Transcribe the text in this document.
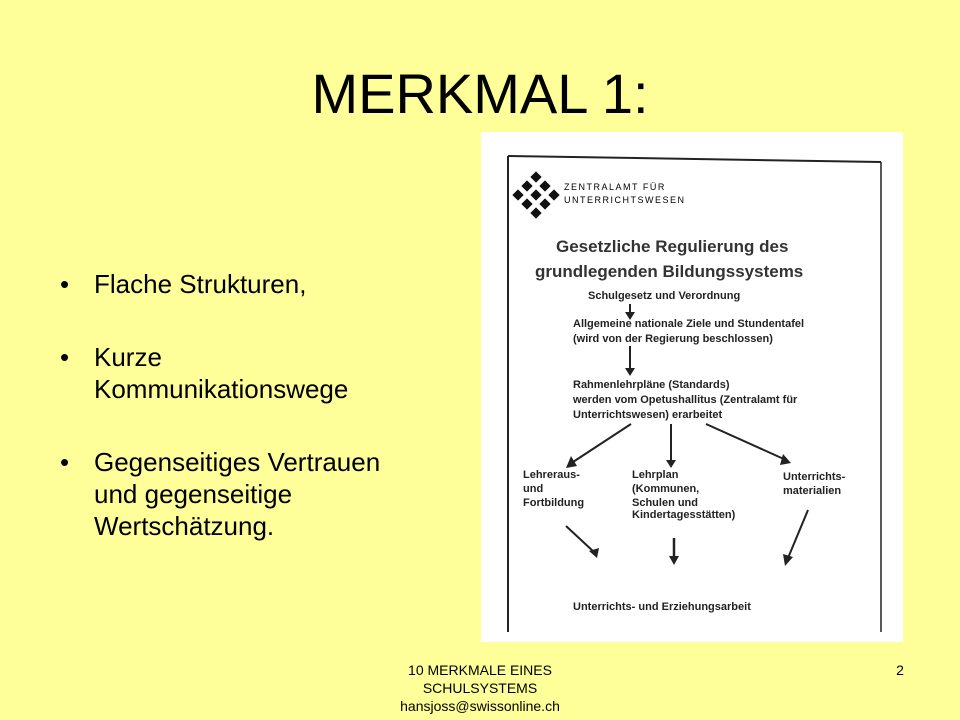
MERKMAL 1:
• Flache Strukturen,
• Kurze
Kommunikationswege
• Gegenseitiges Vertrauen
und gegenseitige
Wertschätzung.
ZENTRALAMT FÜR
UNTERRICHTSWESEN
Gesetzliche Regulierung des
grundlegenden Bildungssystems
Schulgesetz und Verordnung
Allgemeine nationale Ziele und Stundentafel
(wird von der Regierung beschlossen)
Rahmenlehrpläne (Standards)
werden vom Opetushallitus (Zentralamt für
Unterrichtswesen) erarbeitet
Lehreraus-
und
Fortbildung
Lehrplan
(Kommunen,
Schulen und
Kindertagesstätten)
Unterrichts-
materialien
Unterrichts- und Erziehungsarbeit
10 MERKMALE EINES
SCHULSYSTEMS
hansjoss@swissonline.ch
2
